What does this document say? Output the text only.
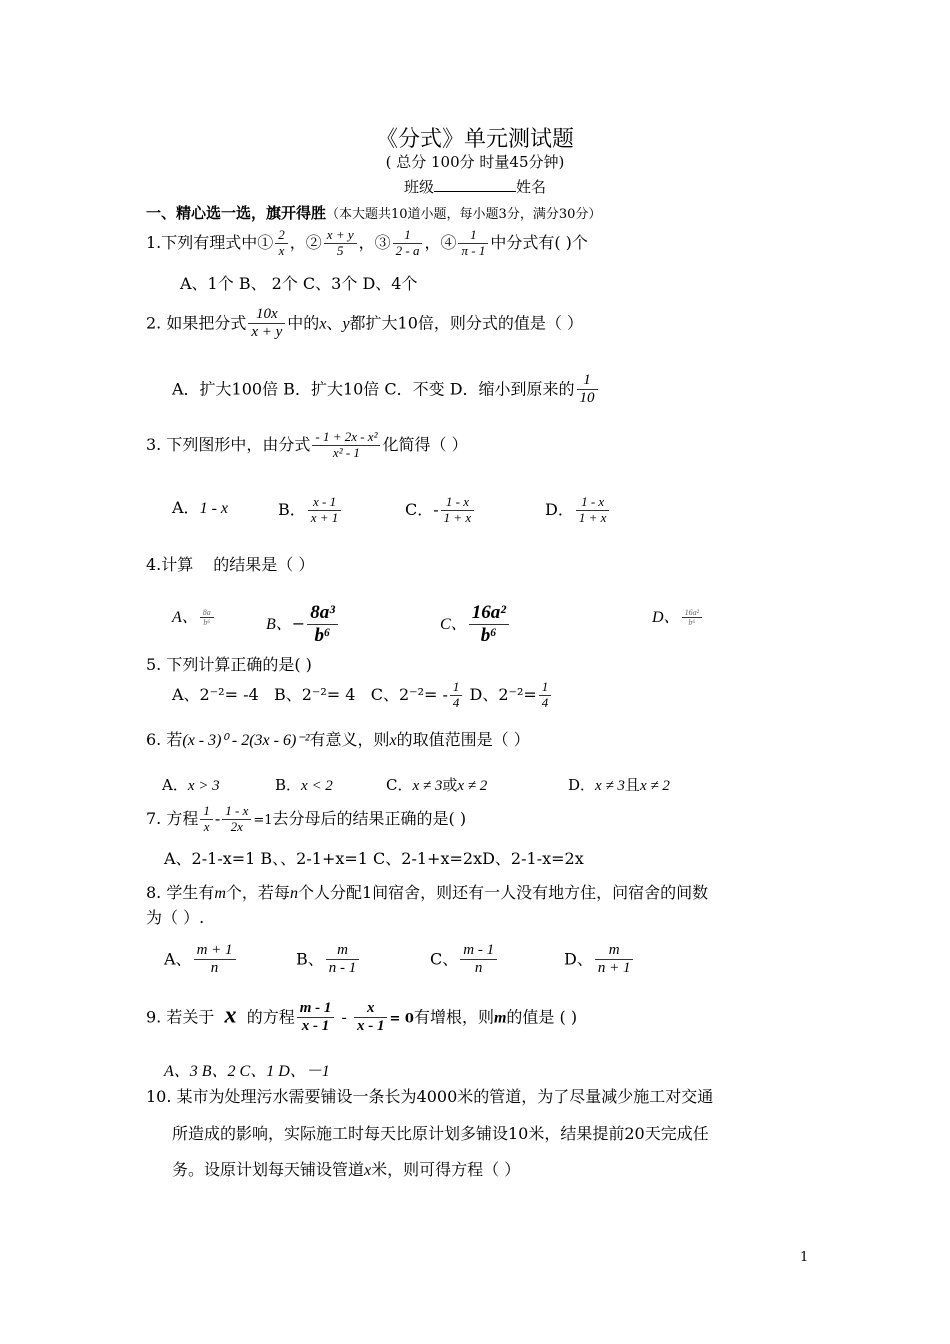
《分式》单元测试题
( 总分 100分 时量45分钟)
班级	姓名
一、精心选一选，旗开得胜（本大题共10道小题，每小题3分，满分30分）
1.下列有理式中① $\frac{2}{x}$ ，② $\frac{x + y}{5}$ ，③ $\frac{1}{2 - a}$ ，④ $\frac{1}{\pi - 1}$ 中分式有( )个
A、1个 B、 2个 C、3个 D、4个
2. 如果把分式 $\frac{10x}{x + y}$ 中的x、y都扩大10倍，则分式的值是（ ）
A．扩大100倍 B．扩大10倍 C．不变 D．缩小到原来的 $\frac{1}{10}$
3. 下列图形中，由分式 $\frac{\text{- 1 + 2x - x²}}{\text{x² - 1}}$ 化简得（ ）
A．1 - x	B． $\frac{x - 1}{x + 1}$	C．- $\frac{1 - x}{1 + x}$	D． $\frac{1 - x}{1 + x}$
4.计算 的结果是（ ）
A、 $\frac{8a}{\text{b⁶}}$	B、− $\frac{\text{8a³}}{\text{b⁶}}$	C、 $\frac{\text{16a²}}{\text{b⁶}}$	D、 $\frac{\text{16a²}}{\text{b⁶}}$
5. 下列计算正确的是( )
A、2⁻²= -4 B、2⁻²= 4 C、$2^{-2}= - \frac{1}{4}$ D、$2^{-2}= \frac{1}{4}$
6. 若(x - 3)⁰ - 2(3x - 6)⁻²有意义，则x的取值范围是（ ）
A．x > 3	B．x < 2	C．x ≠ 3或x ≠ 2	D．x ≠ 3且x ≠ 2
7. 方程 $\frac{1}{x} - \frac{1 - x}{2x} =1$去分母后的结果正确的是( )
A、2-1-x=1 B、、2-1+x=1 C、2-1+x=2xD、2-1-x=2x
8. 学生有m个，若每n个人分配1间宿舍，则还有一人没有地方住，问宿舍的间数
为（ ）.
A、 $\frac{m + 1}{n}$	B、 $\frac{m}{n - 1}$	C、 $\frac{m - 1}{n}$	D、 $\frac{m}{n + 1}$
9. 若关于 x 的方程 $\frac{m - 1}{x - 1} - \frac{x}{x - 1} = 0$有增根，则m的值是 ( )
A、3 B、2 C、1 D、－1
10. 某市为处理污水需要铺设一条长为4000米的管道，为了尽量减少施工对交通
所造成的影响，实际施工时每天比原计划多铺设10米，结果提前20天完成任
务。设原计划每天铺设管道x米，则可得方程（ ）
1
